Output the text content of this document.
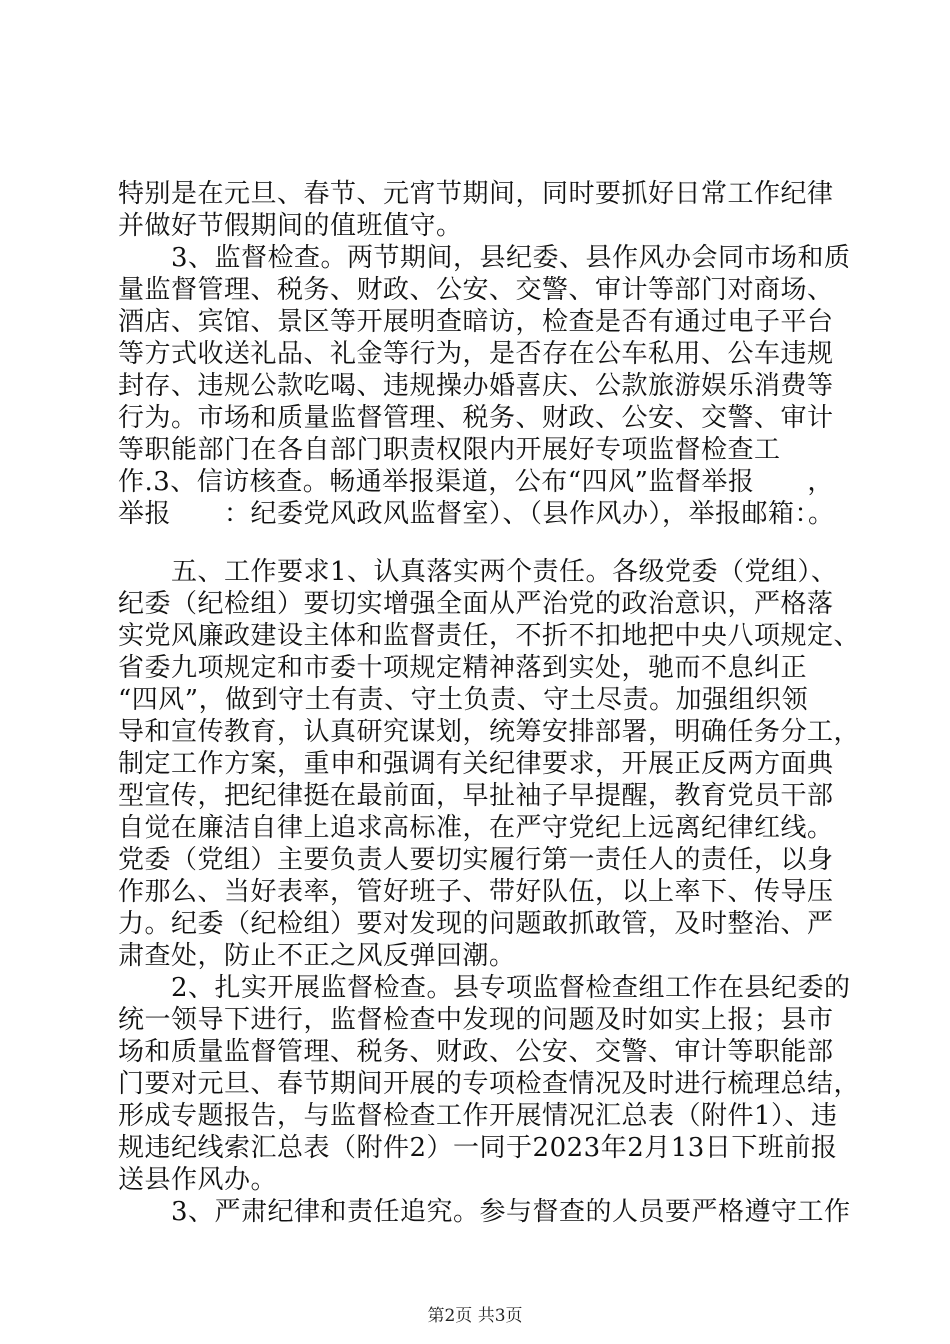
特别是在元旦、春节、元宵节期间，同时要抓好日常工作纪律
并做好节假期间的值班值守。
　　3、监督检查。两节期间，县纪委、县作风办会同市场和质
量监督管理、税务、财政、公安、交警、审计等部门对商场、
酒店、宾馆、景区等开展明查暗访，检查是否有通过电子平台
等方式收送礼品、礼金等行为，是否存在公车私用、公车违规
封存、违规公款吃喝、违规操办婚喜庆、公款旅游娱乐消费等
行为。市场和质量监督管理、税务、财政、公安、交警、审计
等职能部门在各自部门职责权限内开展好专项监督检查工
作.3、信访核查。畅通举报渠道，公布“四风”监督举报　　，
举报　　：纪委党风政风监督室）、（县作风办），举报邮箱：。
　　五、工作要求1、认真落实两个责任。各级党委（党组）、
纪委（纪检组）要切实增强全面从严治党的政治意识，严格落
实党风廉政建设主体和监督责任，不折不扣地把中央八项规定、
省委九项规定和市委十项规定精神落到实处，驰而不息纠正
“四风”，做到守土有责、守土负责、守土尽责。加强组织领
导和宣传教育，认真研究谋划，统筹安排部署，明确任务分工，
制定工作方案，重申和强调有关纪律要求，开展正反两方面典
型宣传，把纪律挺在最前面，早扯袖子早提醒，教育党员干部
自觉在廉洁自律上追求高标准，在严守党纪上远离纪律红线。
党委（党组）主要负责人要切实履行第一责任人的责任，以身
作那么、当好表率，管好班子、带好队伍，以上率下、传导压
力。纪委（纪检组）要对发现的问题敢抓敢管，及时整治、严
肃查处，防止不正之风反弹回潮。
　　2、扎实开展监督检查。县专项监督检查组工作在县纪委的
统一领导下进行，监督检查中发现的问题及时如实上报；县市
场和质量监督管理、税务、财政、公安、交警、审计等职能部
门要对元旦、春节期间开展的专项检查情况及时进行梳理总结，
形成专题报告，与监督检查工作开展情况汇总表（附件1）、违
规违纪线索汇总表（附件2）一同于2023年2月13日下班前报
送县作风办。
　　3、严肃纪律和责任追究。参与督查的人员要严格遵守工作
第2页 共3页
